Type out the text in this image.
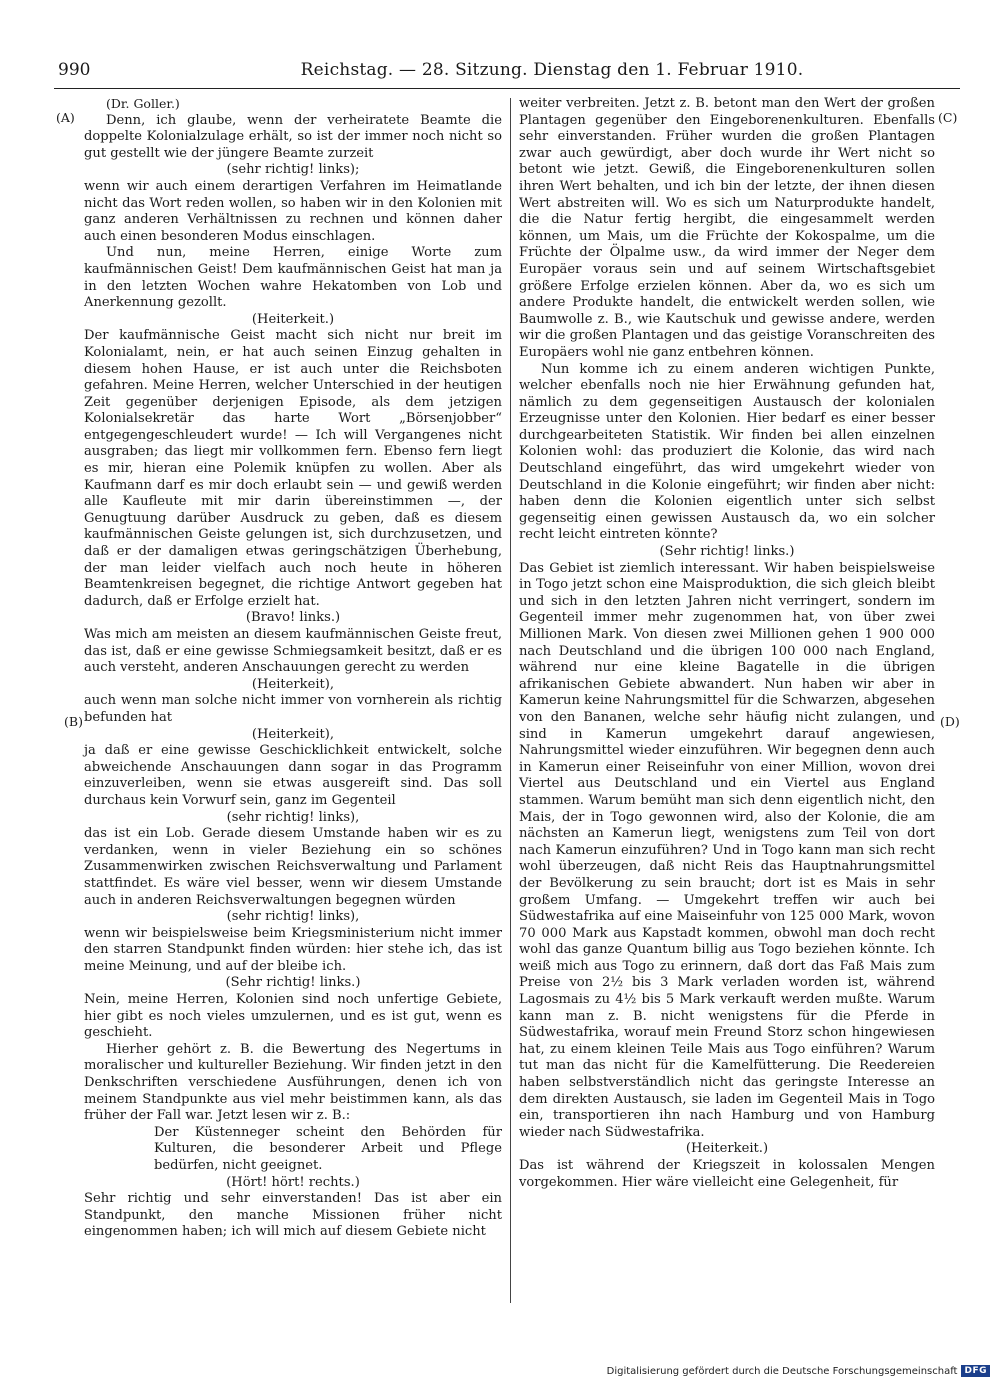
990	Reichstag. — 28. Sitzung. Dienstag den 1. Februar 1910.
(A)
(B)
(C)
(D)

(Dr. Goller.)

Denn, ich glaube, wenn der verheiratete Beamte die doppelte Kolonialzulage erhält, so ist der immer noch nicht so gut gestellt wie der jüngere Beamte zurzeit

(sehr richtig! links);

wenn wir auch einem derartigen Verfahren im Heimatlande nicht das Wort reden wollen, so haben wir in den Kolonien mit ganz anderen Verhältnissen zu rechnen und können daher auch einen besonderen Modus einschlagen.

Und nun, meine Herren, einige Worte zum kaufmännischen Geist! Dem kaufmännischen Geist hat man ja in den letzten Wochen wahre Hekatomben von Lob und Anerkennung gezollt.

(Heiterkeit.)

Der kaufmännische Geist macht sich nicht nur breit im Kolonialamt, nein, er hat auch seinen Einzug gehalten in diesem hohen Hause, er ist auch unter die Reichsboten gefahren. Meine Herren, welcher Unterschied in der heutigen Zeit gegenüber derjenigen Episode, als dem jetzigen Kolonialsekretär das harte Wort „Börsenjobber“ entgegengeschleudert wurde! — Ich will Vergangenes nicht ausgraben; das liegt mir vollkommen fern. Ebenso fern liegt es mir, hieran eine Polemik knüpfen zu wollen. Aber als Kaufmann darf es mir doch erlaubt sein — und gewiß werden alle Kaufleute mit mir darin übereinstimmen —, der Genugtuung darüber Ausdruck zu geben, daß es diesem kaufmännischen Geiste gelungen ist, sich durchzusetzen, und daß er der damaligen etwas geringschätzigen Überhebung, der man leider vielfach auch noch heute in höheren Beamtenkreisen begegnet, die richtige Antwort gegeben hat dadurch, daß er Erfolge erzielt hat.

(Bravo! links.)

Was mich am meisten an diesem kaufmännischen Geiste freut, das ist, daß er eine gewisse Schmiegsamkeit besitzt, daß er es auch versteht, anderen Anschauungen gerecht zu werden

(Heiterkeit),

auch wenn man solche nicht immer von vornherein als richtig befunden hat

(Heiterkeit),

ja daß er eine gewisse Geschicklichkeit entwickelt, solche abweichende Anschauungen dann sogar in das Programm einzuverleiben, wenn sie etwas ausgereift sind. Das soll durchaus kein Vorwurf sein, ganz im Gegenteil

(sehr richtig! links),

das ist ein Lob. Gerade diesem Umstande haben wir es zu verdanken, wenn in vieler Beziehung ein so schönes Zusammenwirken zwischen Reichsverwaltung und Parlament stattfindet. Es wäre viel besser, wenn wir diesem Umstande auch in anderen Reichsverwaltungen begegnen würden

(sehr richtig! links),

wenn wir beispielsweise beim Kriegsministerium nicht immer den starren Standpunkt finden würden: hier stehe ich, das ist meine Meinung, und auf der bleibe ich.

(Sehr richtig! links.)

Nein, meine Herren, Kolonien sind noch unfertige Gebiete, hier gibt es noch vieles umzulernen, und es ist gut, wenn es geschieht.

Hierher gehört z. B. die Bewertung des Negertums in moralischer und kultureller Beziehung. Wir finden jetzt in den Denkschriften verschiedene Ausführungen, denen ich von meinem Standpunkte aus viel mehr beistimmen kann, als das früher der Fall war. Jetzt lesen wir z. B.:

Der Küstenneger scheint den Behörden für Kulturen, die besonderer Arbeit und Pflege bedürfen, nicht geeignet.

(Hört! hört! rechts.)

Sehr richtig und sehr einverstanden! Das ist aber ein Standpunkt, den manche Missionen früher nicht eingenommen haben; ich will mich auf diesem Gebiete nicht

weiter verbreiten. Jetzt z. B. betont man den Wert der großen Plantagen gegenüber den Eingeborenenkulturen. Ebenfalls sehr einverstanden. Früher wurden die großen Plantagen zwar auch gewürdigt, aber doch wurde ihr Wert nicht so betont wie jetzt. Gewiß, die Eingeborenenkulturen sollen ihren Wert behalten, und ich bin der letzte, der ihnen diesen Wert abstreiten will. Wo es sich um Naturprodukte handelt, die die Natur fertig hergibt, die eingesammelt werden können, um Mais, um die Früchte der Kokospalme, um die Früchte der Ölpalme usw., da wird immer der Neger dem Europäer voraus sein und auf seinem Wirtschaftsgebiet größere Erfolge erzielen können. Aber da, wo es sich um andere Produkte handelt, die entwickelt werden sollen, wie Baumwolle z. B., wie Kautschuk und gewisse andere, werden wir die großen Plantagen und das geistige Voranschreiten des Europäers wohl nie ganz entbehren können.

Nun komme ich zu einem anderen wichtigen Punkte, welcher ebenfalls noch nie hier Erwähnung gefunden hat, nämlich zu dem gegenseitigen Austausch der kolonialen Erzeugnisse unter den Kolonien. Hier bedarf es einer besser durchgearbeiteten Statistik. Wir finden bei allen einzelnen Kolonien wohl: das produziert die Kolonie, das wird nach Deutschland eingeführt, das wird umgekehrt wieder von Deutschland in die Kolonie eingeführt; wir finden aber nicht: haben denn die Kolonien eigentlich unter sich selbst gegenseitig einen gewissen Austausch da, wo ein solcher recht leicht eintreten könnte?

(Sehr richtig! links.)

Das Gebiet ist ziemlich interessant. Wir haben beispielsweise in Togo jetzt schon eine Maisproduktion, die sich gleich bleibt und sich in den letzten Jahren nicht verringert, sondern im Gegenteil immer mehr zugenommen hat, von über zwei Millionen Mark. Von diesen zwei Millionen gehen 1 900 000 nach Deutschland und die übrigen 100 000 nach England, während nur eine kleine Bagatelle in die übrigen afrikanischen Gebiete abwandert. Nun haben wir aber in Kamerun keine Nahrungsmittel für die Schwarzen, abgesehen von den Bananen, welche sehr häufig nicht zulangen, und sind in Kamerun umgekehrt darauf angewiesen, Nahrungsmittel wieder einzuführen. Wir begegnen denn auch in Kamerun einer Reiseinfuhr von einer Million, wovon drei Viertel aus Deutschland und ein Viertel aus England stammen. Warum bemüht man sich denn eigentlich nicht, den Mais, der in Togo gewonnen wird, also der Kolonie, die am nächsten an Kamerun liegt, wenigstens zum Teil von dort nach Kamerun einzuführen? Und in Togo kann man sich recht wohl überzeugen, daß nicht Reis das Hauptnahrungsmittel der Bevölkerung zu sein braucht; dort ist es Mais in sehr großem Umfang. — Umgekehrt treffen wir auch bei Südwestafrika auf eine Maiseinfuhr von 125 000 Mark, wovon 70 000 Mark aus Kapstadt kommen, obwohl man doch recht wohl das ganze Quantum billig aus Togo beziehen könnte. Ich weiß mich aus Togo zu erinnern, daß dort das Faß Mais zum Preise von 2½ bis 3 Mark verladen worden ist, während Lagosmais zu 4½ bis 5 Mark verkauft werden mußte. Warum kann man z. B. nicht wenigstens für die Pferde in Südwestafrika, worauf mein Freund Storz schon hingewiesen hat, zu einem kleinen Teile Mais aus Togo einführen? Warum tut man das nicht für die Kamelfütterung. Die Reedereien haben selbstverständlich nicht das geringste Interesse an dem direkten Austausch, sie laden im Gegenteil Mais in Togo ein, transportieren ihn nach Hamburg und von Hamburg wieder nach Südwestafrika.

(Heiterkeit.)

Das ist während der Kriegszeit in kolossalen Mengen vorgekommen. Hier wäre vielleicht eine Gelegenheit, für

Digitalisierung gefördert durch die Deutsche Forschungsgemeinschaft DFG
